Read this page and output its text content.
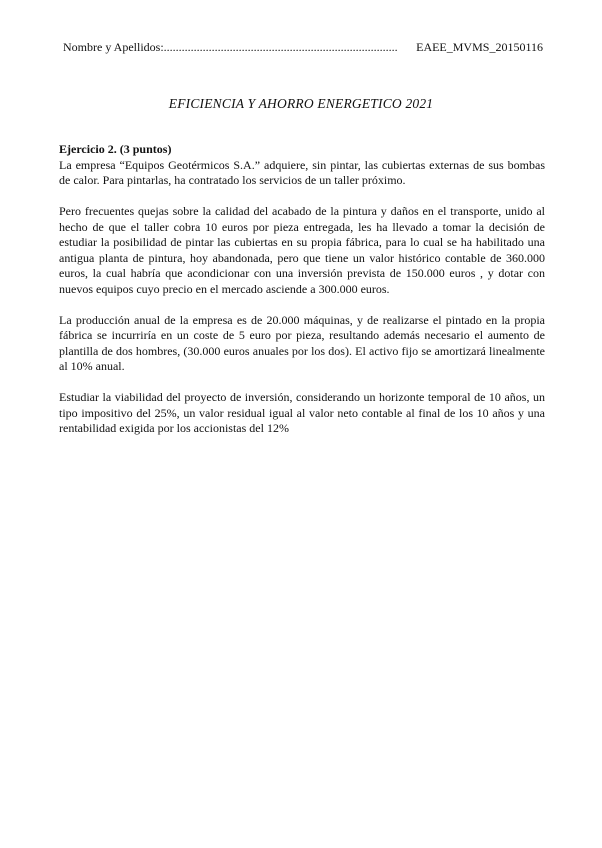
Nombre y Apellidos:.............................................................................. EAEE_MVMS_20150116
EFICIENCIA Y AHORRO ENERGETICO 2021
Ejercicio 2. (3 puntos)

La empresa “Equipos Geotérmicos S.A.” adquiere, sin pintar, las cubiertas externas de sus bombas de calor. Para pintarlas, ha contratado los servicios de un taller próximo.

Pero frecuentes quejas sobre la calidad del acabado de la pintura y daños en el transporte, unido al hecho de que el taller cobra 10 euros por pieza entregada, les ha llevado a tomar la decisión de estudiar la posibilidad de pintar las cubiertas en su propia fábrica, para lo cual se ha habilitado una antigua planta de pintura, hoy abandonada, pero que tiene un valor histórico contable de 360.000 euros, la cual habría que acondicionar con una inversión prevista de 150.000 euros , y dotar con nuevos equipos cuyo precio en el mercado asciende a 300.000 euros.

La producción anual de la empresa es de 20.000 máquinas, y de realizarse el pintado en la propia fábrica se incurriría en un coste de 5 euro por pieza, resultando además necesario el aumento de plantilla de dos hombres, (30.000 euros anuales por los dos). El activo fijo se amortizará linealmente al 10% anual.

Estudiar la viabilidad del proyecto de inversión, considerando un horizonte temporal de 10 años, un tipo impositivo del 25%, un valor residual igual al valor neto contable al final de los 10 años y una rentabilidad exigida por los accionistas del 12%
